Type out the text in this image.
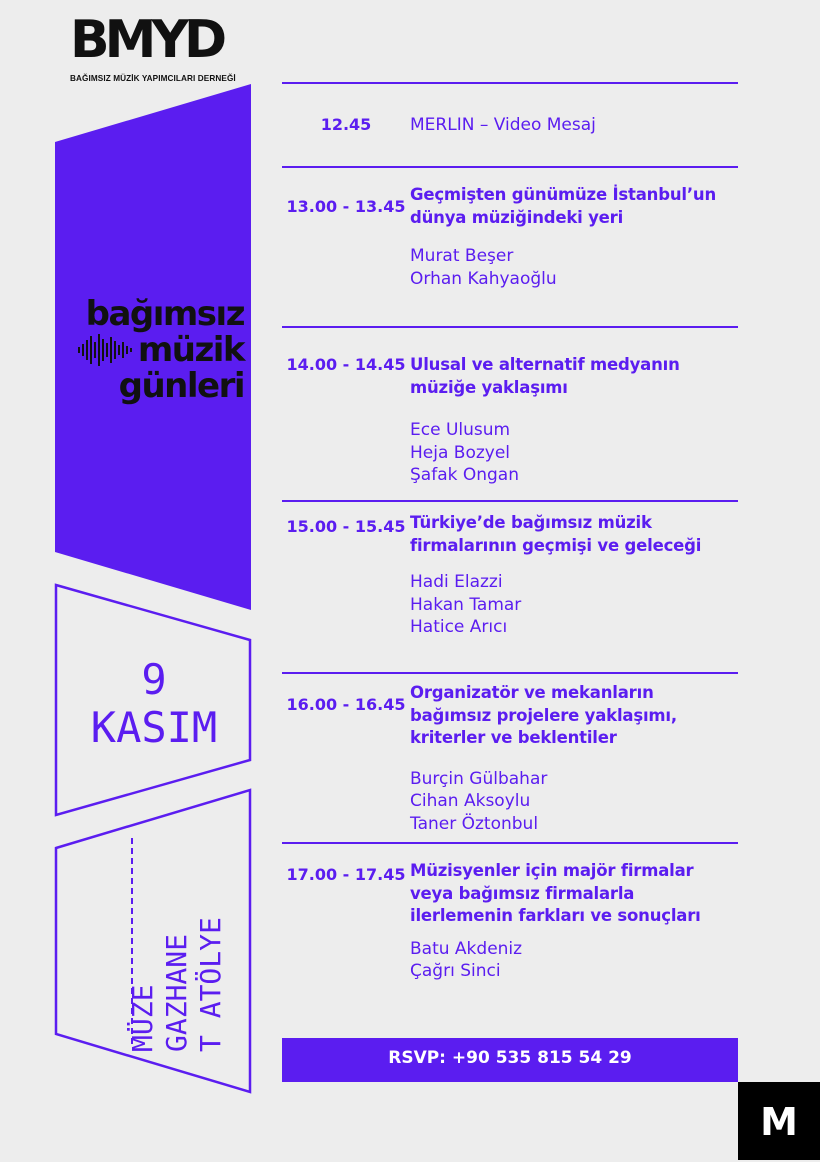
BMYD
BAĞIMSIZ MÜZİK YAPIMCILARI DERNEĞİ
bağımsız
müzik
günleri
9
KASIM
MÜZE GAZHANE T ATÖLYE
12.45	MERLIN – Video Mesaj
13.00 - 13.45
Geçmişten günümüze İstanbul’un dünya müziğindeki yeri
Murat Beşer
Orhan Kahyaoğlu
14.00 - 14.45 Ulusal ve alternatif medyanın müziğe yaklaşımı
Ece Ulusum
Heja Bozyel
Şafak Ongan
15.00 - 15.45 Türkiye’de bağımsız müzik firmalarının geçmişi ve geleceği
Hadi Elazzi
Hakan Tamar
Hatice Arıcı
16.00 - 16.45
Organizatör ve mekanların bağımsız projelere yaklaşımı, kriterler ve beklentiler
Burçin Gülbahar
Cihan Aksoylu
Taner Öztonbul
17.00 - 17.45 Müzisyenler için majör firmalar veya bağımsız firmalarla ilerlemenin farkları ve sonuçları
Batu Akdeniz
Çağrı Sinci
RSVP: +90 535 815 54 29
M
